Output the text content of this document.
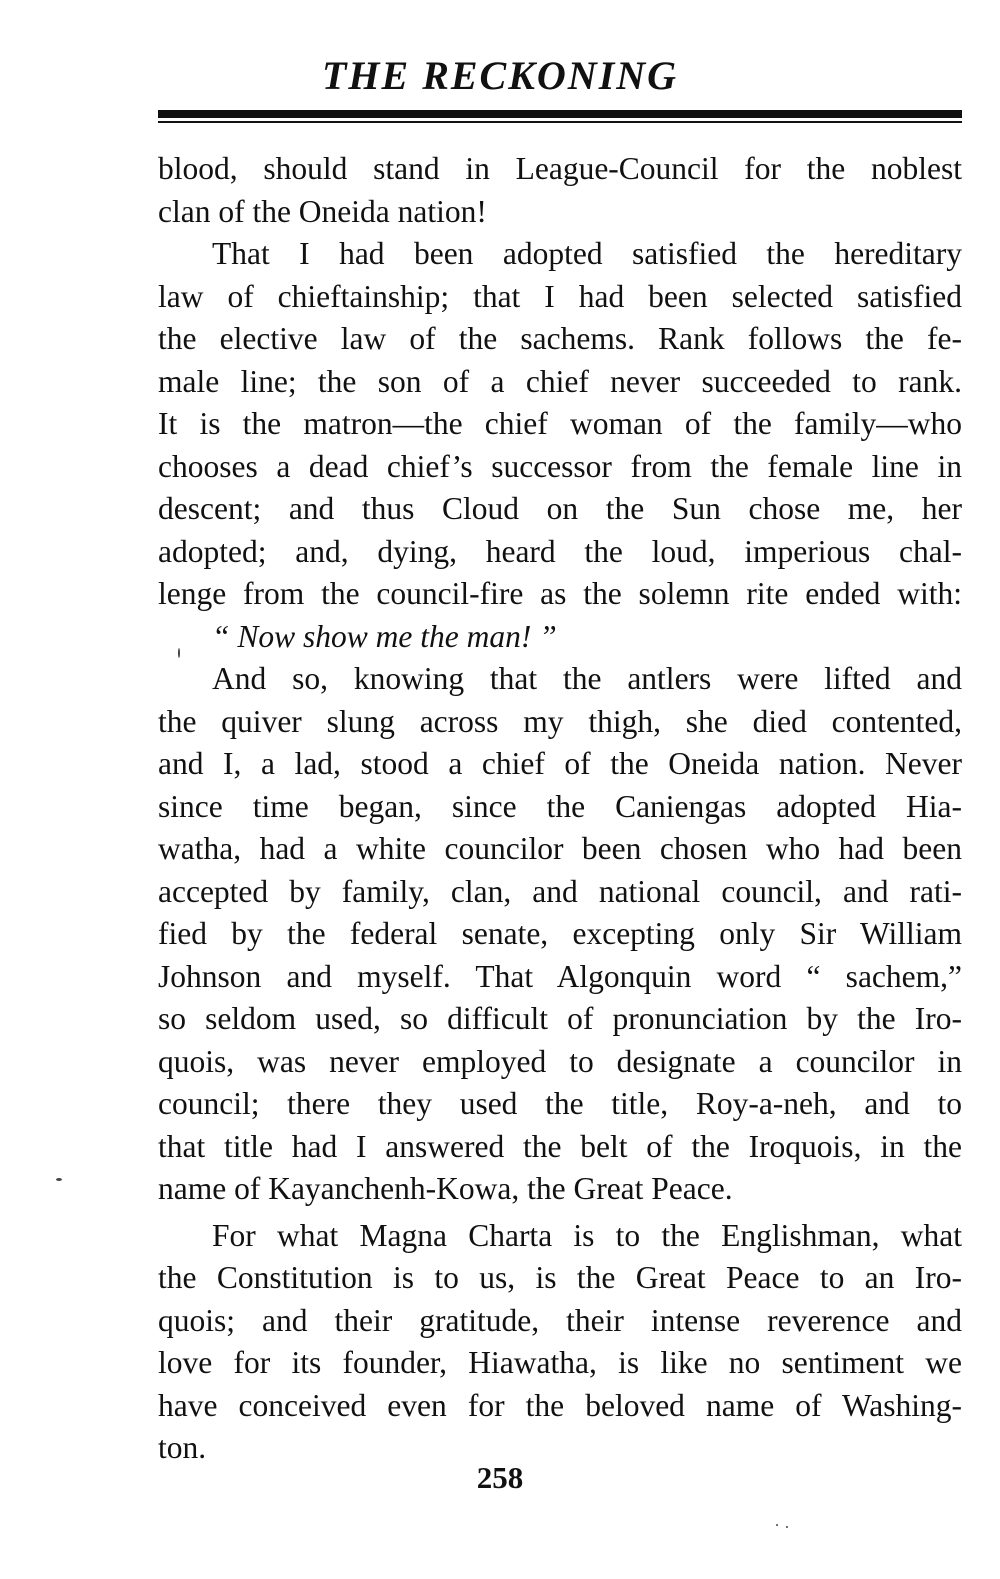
THE RECKONING
blood, should stand in League-Council for the noblest
clan of the Oneida nation!
That I had been adopted satisfied the hereditary
law of chieftainship; that I had been selected satisfied
the elective law of the sachems. Rank follows the fe-
male line; the son of a chief never succeeded to rank.
It is the matron—the chief woman of the family—who
chooses a dead chief’s successor from the female line in
descent; and thus Cloud on the Sun chose me, her
adopted; and, dying, heard the loud, imperious chal-
lenge from the council-fire as the solemn rite ended with:
“ Now show me the man! ”
And so, knowing that the antlers were lifted and
the quiver slung across my thigh, she died contented,
and I, a lad, stood a chief of the Oneida nation. Never
since time began, since the Caniengas adopted Hia-
watha, had a white councilor been chosen who had been
accepted by family, clan, and national council, and rati-
fied by the federal senate, excepting only Sir William
Johnson and myself. That Algonquin word “ sachem,”
so seldom used, so difficult of pronunciation by the Iro-
quois, was never employed to designate a councilor in
council; there they used the title, Roy-a-neh, and to
that title had I answered the belt of the Iroquois, in the
name of Kayanchenh-Kowa, the Great Peace.
For what Magna Charta is to the Englishman, what
the Constitution is to us, is the Great Peace to an Iro-
quois; and their gratitude, their intense reverence and
love for its founder, Hiawatha, is like no sentiment we
have conceived even for the beloved name of Washing-
ton.
258
